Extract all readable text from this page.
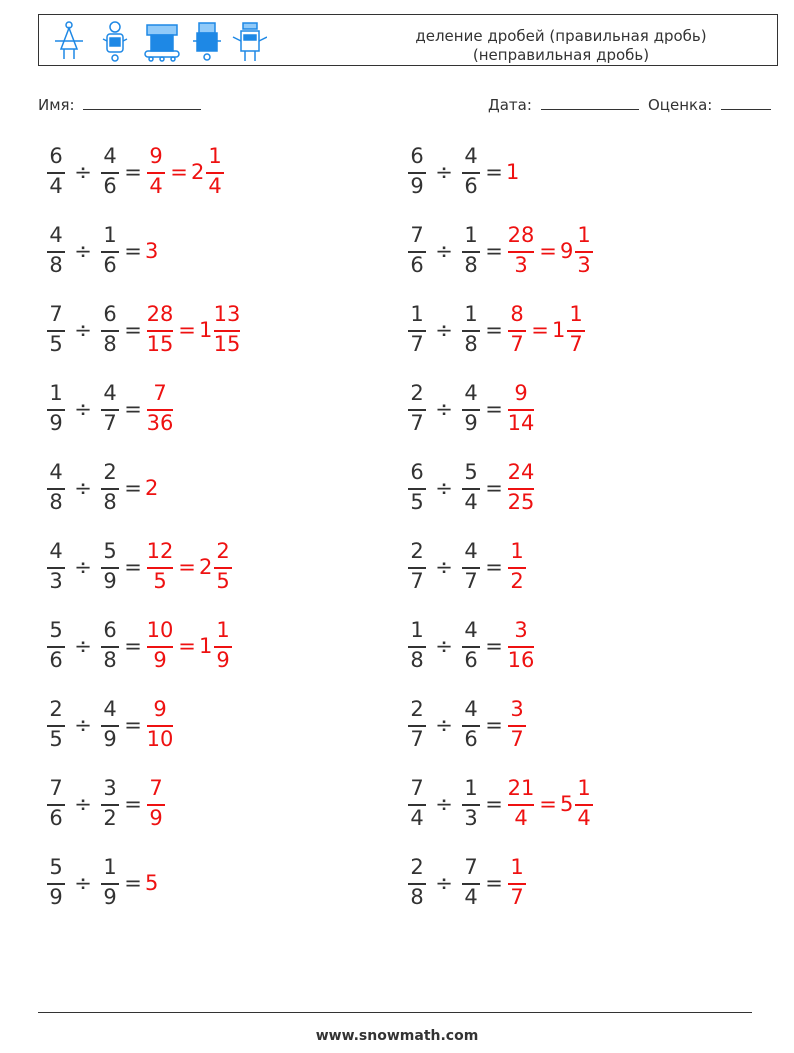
деление дробей (правильная дробь)
(неправильная дробь)
Имя:	Дата:	Оценка:
6
4
÷
4
6
=
9
4
= 2
1
4
6
9
÷
4
6
= 1
4
8
÷
1
6
= 3
7
6
÷
1
8
=
28
3
= 9
1
3
7
5
÷
6
8
=
28
15
= 1
13
15
1
7
÷
1
8
=
8
7
= 1
1
7
1
9
÷
4
7
=
7
36
2
7
÷
4
9
=
9
14
4
8
÷
2
8
= 2
6
5
÷
5
4
=
24
25
4
3
÷
5
9
=
12
5
= 2
2
5
2
7
÷
4
7
=
1
2
5
6
÷
6
8
=
10
9
= 1
1
9
1
8
÷
4
6
=
3
16
2
5
÷
4
9
=
9
10
2
7
÷
4
6
=
3
7
7
6
÷
3
2
=
7
9
7
4
÷
1
3
=
21
4
= 5
1
4
5
9
÷
1
9
= 5
2
8
÷
7
4
=
1
7
www.snowmath.com
